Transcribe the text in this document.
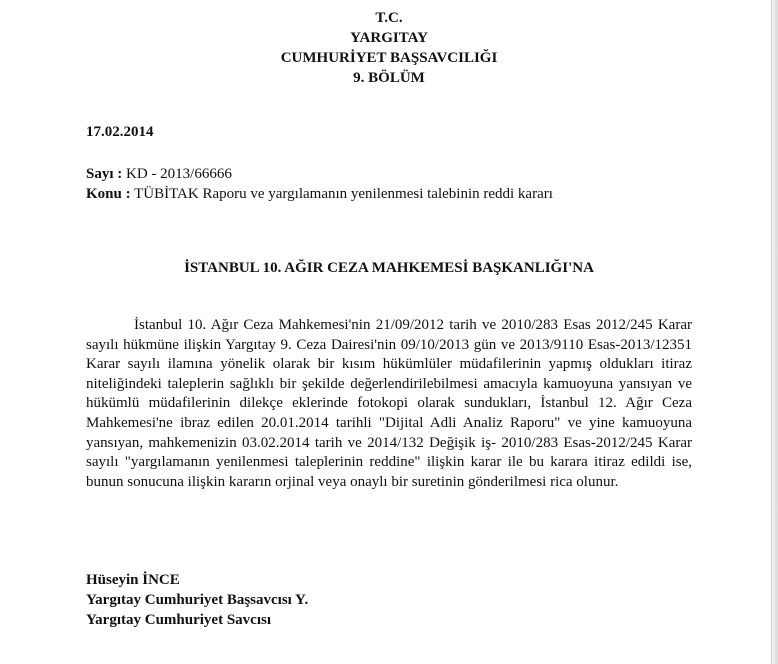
T.C.
YARGITAY
CUMHURİYET BAŞSAVCILIĞI
9. BÖLÜM
17.02.2014
Sayı : KD - 2013/66666
Konu : TÜBİTAK Raporu ve yargılamanın yenilenmesi talebinin reddi kararı
İSTANBUL 10. AĞIR CEZA MAHKEMESİ BAŞKANLIĞI'NA
İstanbul 10. Ağır Ceza Mahkemesi'nin 21/09/2012 tarih ve 2010/283 Esas 2012/245 Karar sayılı hükmüne ilişkin Yargıtay 9. Ceza Dairesi'nin 09/10/2013 gün ve 2013/9110 Esas-2013/12351 Karar sayılı ilamına yönelik olarak bir kısım hükümlüler müdafilerinin yapmış oldukları itiraz niteliğindeki taleplerin sağlıklı bir şekilde değerlendirilebilmesi amacıyla kamuoyuna yansıyan ve hükümlü müdafilerinin dilekçe eklerinde fotokopi olarak sundukları, İstanbul 12. Ağır Ceza Mahkemesi'ne ibraz edilen 20.01.2014 tarihli "Dijital Adli Analiz Raporu" ve yine kamuoyuna yansıyan, mahkemenizin 03.02.2014 tarih ve 2014/132 Değişik iş- 2010/283 Esas-2012/245 Karar sayılı "yargılamanın yenilenmesi taleplerinin reddine" ilişkin karar ile bu karara itiraz edildi ise, bunun sonucuna ilişkin kararın orjinal veya onaylı bir suretinin gönderilmesi rica olunur.
Hüseyin İNCE
Yargıtay Cumhuriyet Başsavcısı Y.
Yargıtay Cumhuriyet Savcısı
